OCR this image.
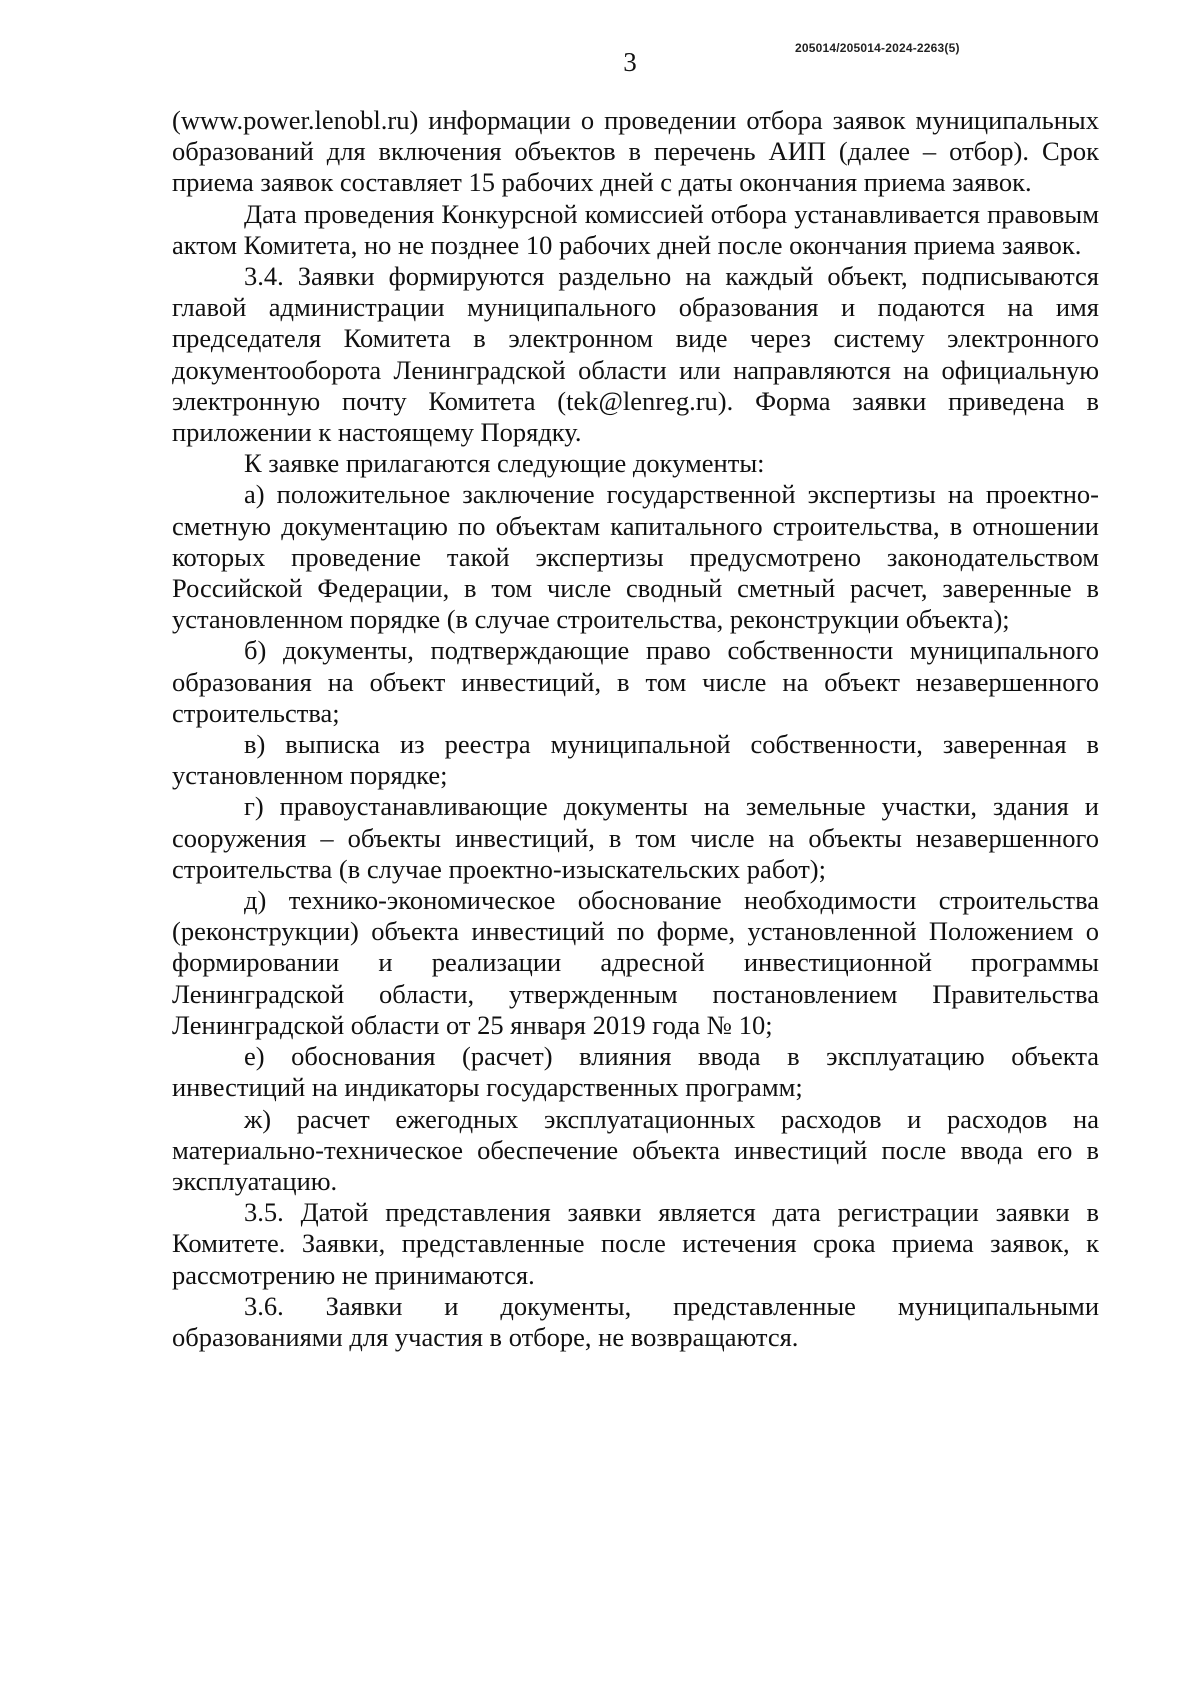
3	205014/205014-2024-2263(5)

(www.power.lenobl.ru) информации о проведении отбора заявок муниципальных образований для включения объектов в перечень АИП (далее – отбор). Срок приема заявок составляет 15 рабочих дней с даты окончания приема заявок.

Дата проведения Конкурсной комиссией отбора устанавливается правовым актом Комитета, но не позднее 10 рабочих дней после окончания приема заявок.

3.4. Заявки формируются раздельно на каждый объект, подписываются главой администрации муниципального образования и подаются на имя председателя Комитета в электронном виде через систему электронного документооборота Ленинградской области или направляются на официальную электронную почту Комитета (tek@lenreg.ru). Форма заявки приведена в приложении к настоящему Порядку.

К заявке прилагаются следующие документы:

а) положительное заключение государственной экспертизы на проектно-сметную документацию по объектам капитального строительства, в отношении которых проведение такой экспертизы предусмотрено законодательством Российской Федерации, в том числе сводный сметный расчет, заверенные в установленном порядке (в случае строительства, реконструкции объекта);

б) документы, подтверждающие право собственности муниципального образования на объект инвестиций, в том числе на объект незавершенного строительства;

в) выписка из реестра муниципальной собственности, заверенная в установленном порядке;

г) правоустанавливающие документы на земельные участки, здания и сооружения – объекты инвестиций, в том числе на объекты незавершенного строительства (в случае проектно-изыскательских работ);

д) технико-экономическое обоснование необходимости строительства (реконструкции) объекта инвестиций по форме, установленной Положением о формировании и реализации адресной инвестиционной программы Ленинградской области, утвержденным постановлением Правительства Ленинградской области от 25 января 2019 года № 10;

е) обоснования (расчет) влияния ввода в эксплуатацию объекта инвестиций на индикаторы государственных программ;

ж) расчет ежегодных эксплуатационных расходов и расходов на материально-техническое обеспечение объекта инвестиций после ввода его в эксплуатацию.

3.5. Датой представления заявки является дата регистрации заявки в Комитете. Заявки, представленные после истечения срока приема заявок, к рассмотрению не принимаются.

3.6. Заявки и документы, представленные муниципальными образованиями для участия в отборе, не возвращаются.
